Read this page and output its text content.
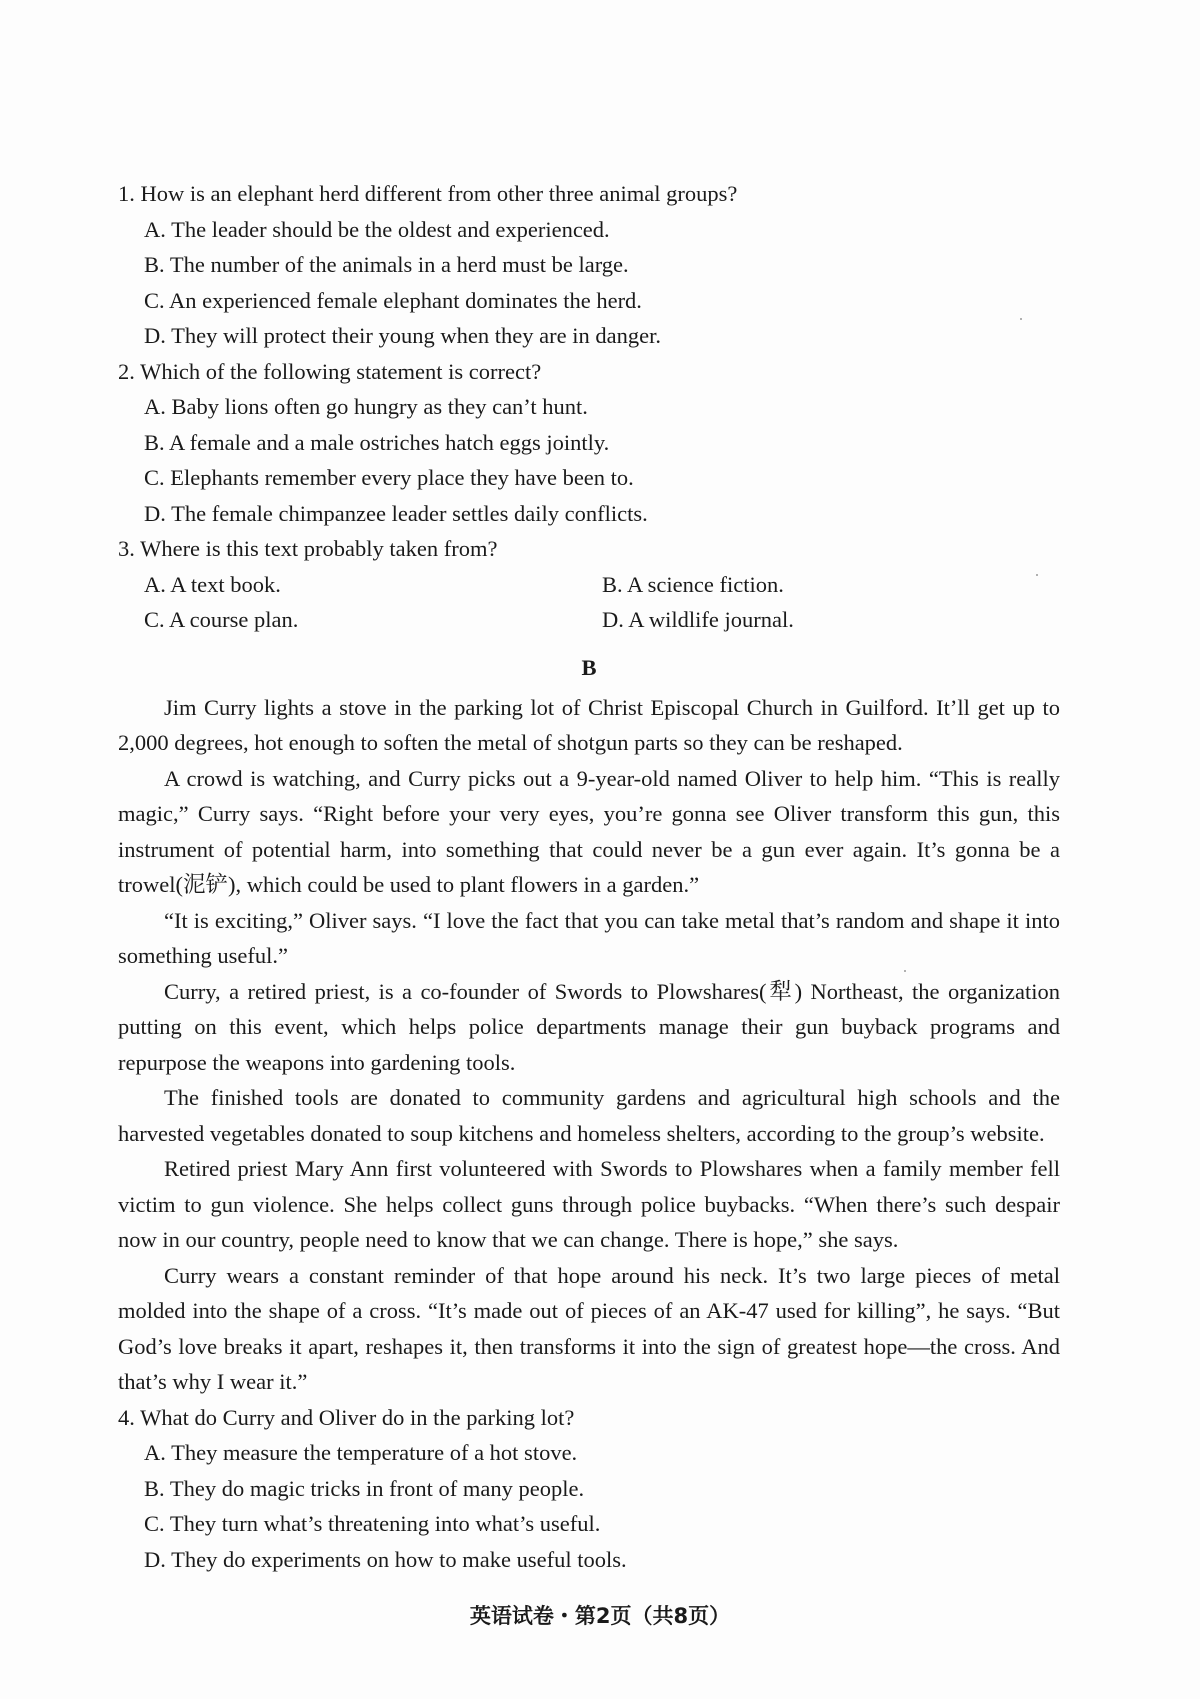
1. How is an elephant herd different from other three animal groups?

A. The leader should be the oldest and experienced.

B. The number of the animals in a herd must be large.

C. An experienced female elephant dominates the herd.

D. They will protect their young when they are in danger.

2. Which of the following statement is correct?

A. Baby lions often go hungry as they can’t hunt.

B. A female and a male ostriches hatch eggs jointly.

C. Elephants remember every place they have been to.

D. The female chimpanzee leader settles daily conflicts.

3. Where is this text probably taken from?

A. A text book.	B. A science fiction.

C. A course plan.	D. A wildlife journal.

B

Jim Curry lights a stove in the parking lot of Christ Episcopal Church in Guilford. It’ll get up to 2,000 degrees, hot enough to soften the metal of shotgun parts so they can be reshaped.

A crowd is watching, and Curry picks out a 9-year-old named Oliver to help him. “This is really magic,” Curry says. “Right before your very eyes, you’re gonna see Oliver transform this gun, this instrument of potential harm, into something that could never be a gun ever again. It’s gonna be a trowel(泥铲), which could be used to plant flowers in a garden.”

“It is exciting,” Oliver says. “I love the fact that you can take metal that’s random and shape it into something useful.”

Curry, a retired priest, is a co-founder of Swords to Plowshares(犁) Northeast, the organization putting on this event, which helps police departments manage their gun buyback programs and repurpose the weapons into gardening tools.

The finished tools are donated to community gardens and agricultural high schools and the harvested vegetables donated to soup kitchens and homeless shelters, according to the group’s website.

Retired priest Mary Ann first volunteered with Swords to Plowshares when a family member fell victim to gun violence. She helps collect guns through police buybacks. “When there’s such despair now in our country, people need to know that we can change. There is hope,” she says.

Curry wears a constant reminder of that hope around his neck. It’s two large pieces of metal molded into the shape of a cross. “It’s made out of pieces of an AK-47 used for killing”, he says. “But God’s love breaks it apart, reshapes it, then transforms it into the sign of greatest hope—the cross. And that’s why I wear it.”

4. What do Curry and Oliver do in the parking lot?

A. They measure the temperature of a hot stove.

B. They do magic tricks in front of many people.

C. They turn what’s threatening into what’s useful.

D. They do experiments on how to make useful tools.

英语试卷・第2页（共8页）
